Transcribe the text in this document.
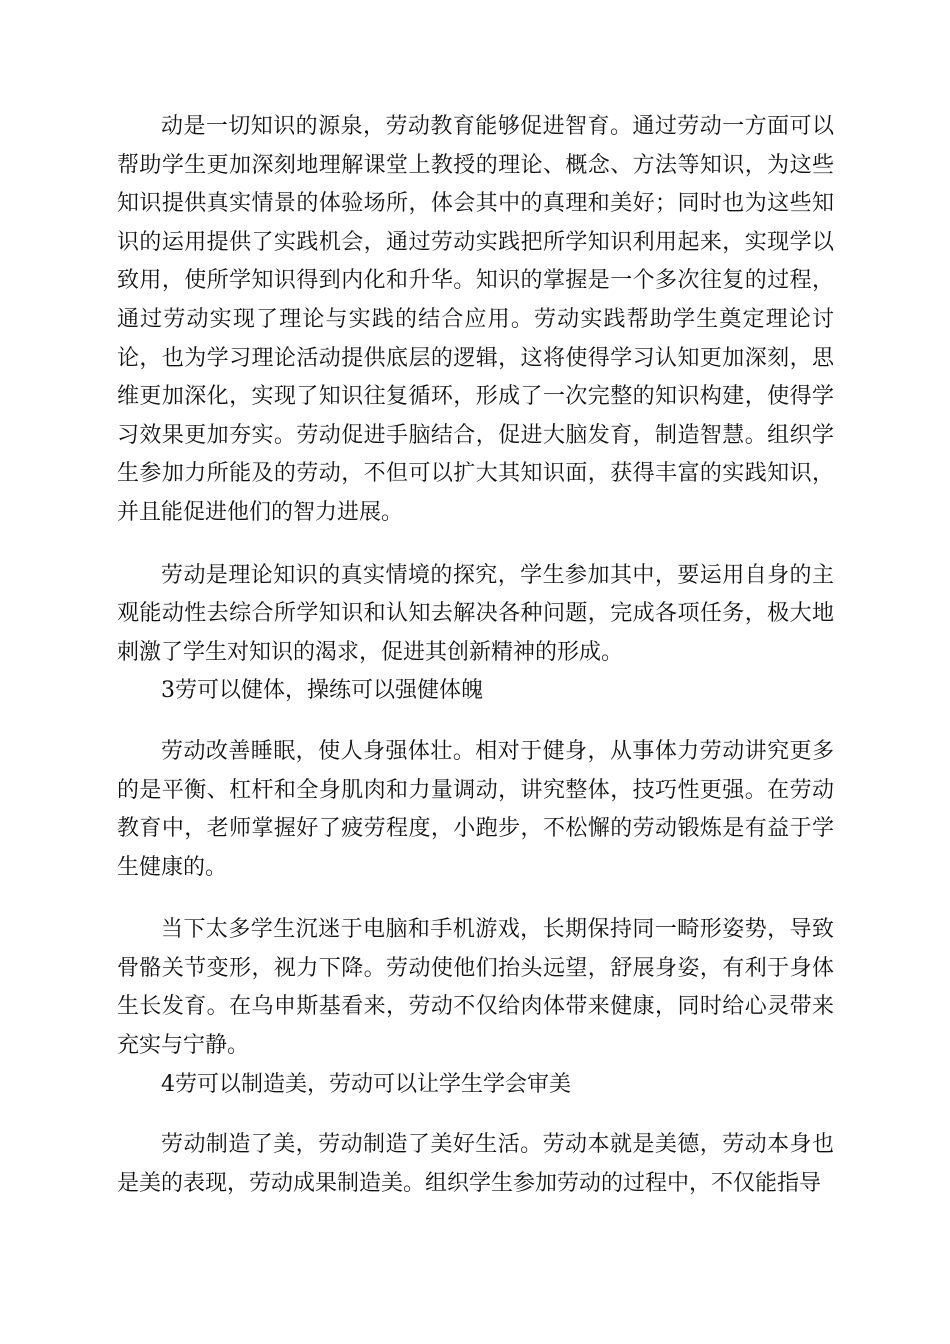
动是一切知识的源泉，劳动教育能够促进智育。通过劳动一方面可以帮助学生更加深刻地理解课堂上教授的理论、概念、方法等知识，为这些知识提供真实情景的体验场所，体会其中的真理和美好；同时也为这些知识的运用提供了实践机会，通过劳动实践把所学知识利用起来，实现学以致用，使所学知识得到内化和升华。知识的掌握是一个多次往复的过程，通过劳动实现了理论与实践的结合应用。劳动实践帮助学生奠定理论讨论，也为学习理论活动提供底层的逻辑，这将使得学习认知更加深刻，思维更加深化，实现了知识往复循环，形成了一次完整的知识构建，使得学习效果更加夯实。劳动促进手脑结合，促进大脑发育，制造智慧。组织学生参加力所能及的劳动，不但可以扩大其知识面，获得丰富的实践知识，并且能促进他们的智力进展。

劳动是理论知识的真实情境的探究，学生参加其中，要运用自身的主观能动性去综合所学知识和认知去解决各种问题，完成各项任务，极大地刺激了学生对知识的渴求，促进其创新精神的形成。

3劳可以健体，操练可以强健体魄

劳动改善睡眠，使人身强体壮。相对于健身，从事体力劳动讲究更多的是平衡、杠杆和全身肌肉和力量调动，讲究整体，技巧性更强。在劳动教育中，老师掌握好了疲劳程度，小跑步，不松懈的劳动锻炼是有益于学生健康的。

当下太多学生沉迷于电脑和手机游戏，长期保持同一畸形姿势，导致骨骼关节变形，视力下降。劳动使他们抬头远望，舒展身姿，有利于身体生长发育。在乌申斯基看来，劳动不仅给肉体带来健康，同时给心灵带来充实与宁静。

4劳可以制造美，劳动可以让学生学会审美

劳动制造了美，劳动制造了美好生活。劳动本就是美德，劳动本身也是美的表现，劳动成果制造美。组织学生参加劳动的过程中，不仅能指导
